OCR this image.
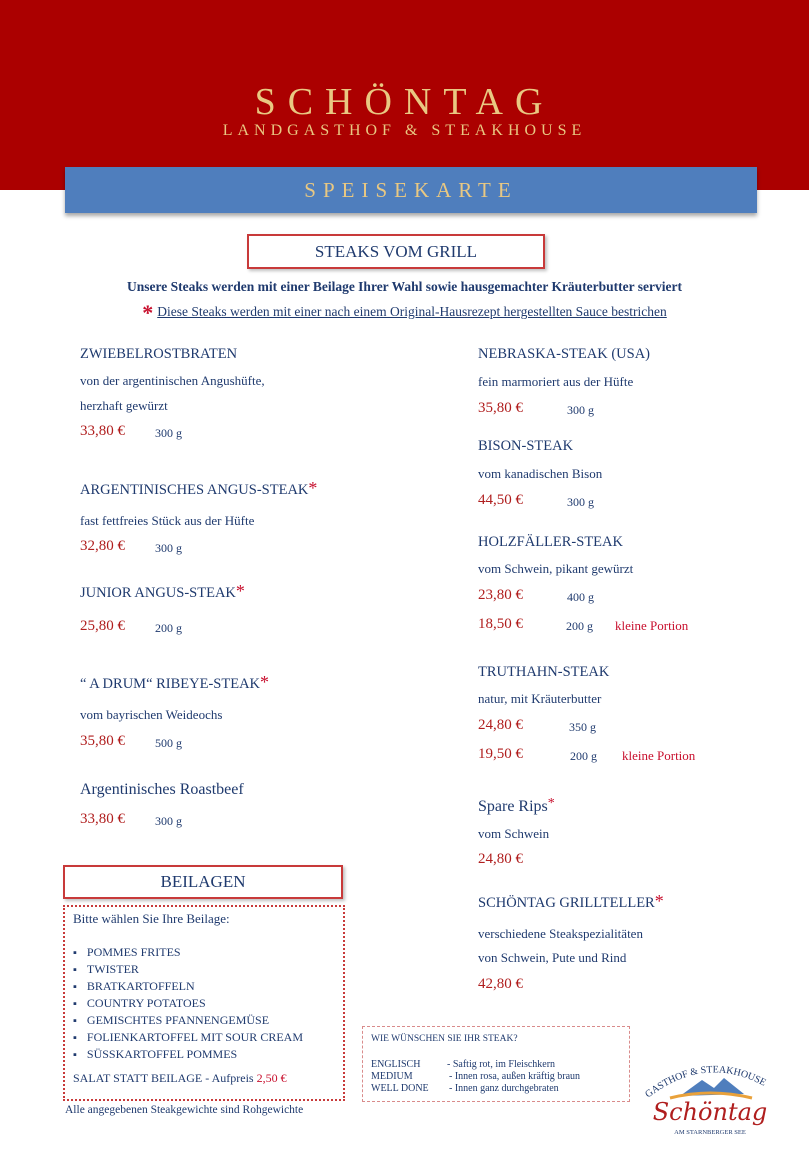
SCHÖNTAG
LANDGASTHOF & STEAKHOUSE
SPEISEKARTE
STEAKS VOM GRILL
Unsere Steaks werden mit einer Beilage Ihrer Wahl sowie hausgemachter Kräuterbutter serviert
* Diese Steaks werden mit einer nach einem Original-Hausrezept hergestellten Sauce bestrichen
ZWIEBELROSTBRATEN
von der argentinischen Angushüfte,
herzhaft gewürzt
33,80 €	300 g
ARGENTINISCHES ANGUS-STEAK*
fast fettfreies Stück aus der Hüfte
32,80 €	300 g
JUNIOR ANGUS-STEAK*
25,80 €	200 g
“ A DRUM“ RIBEYE-STEAK*
vom bayrischen Weideochs
35,80 €	500 g
Argentinisches Roastbeef
33,80 €	300 g
NEBRASKA-STEAK (USA)
fein marmoriert aus der Hüfte
35,80 €	300 g
BISON-STEAK
vom kanadischen Bison
44,50 €	300 g
HOLZFÄLLER-STEAK
vom Schwein, pikant gewürzt
23,80 €	400 g
18,50 €	200 g kleine Portion
TRUTHAHN-STEAK
natur, mit Kräuterbutter
24,80 €	350 g
19,50 €	200 g kleine Portion
Spare Rips*
vom Schwein
24,80 €
SCHÖNTAG GRILLTELLER*
verschiedene Steakspezialitäten
von Schwein, Pute und Rind
42,80 €
BEILAGEN
Bitte wählen Sie Ihre Beilage:
▪ POMMES FRITES
▪ TWISTER
▪ BRATKARTOFFELN
▪ COUNTRY POTATOES
▪ GEMISCHTES PFANNENGEMÜSE
▪ FOLIENKARTOFFEL MIT SOUR CREAM
▪ SÜSSKARTOFFEL POMMES
SALAT STATT BEILAGE - Aufpreis 2,50 €
Alle angegebenen Steakgewichte sind Rohgewichte
WIE WÜNSCHEN SIE IHR STEAK?
ENGLISCH	- Saftig rot, im Fleischkern
MEDIUM	- Innen rosa, außen kräftig braun
WELL DONE - Innen ganz durchgebraten	GASTHOF & STEAKHOUSE
Schöntag
AM STARNBERGER SEE
